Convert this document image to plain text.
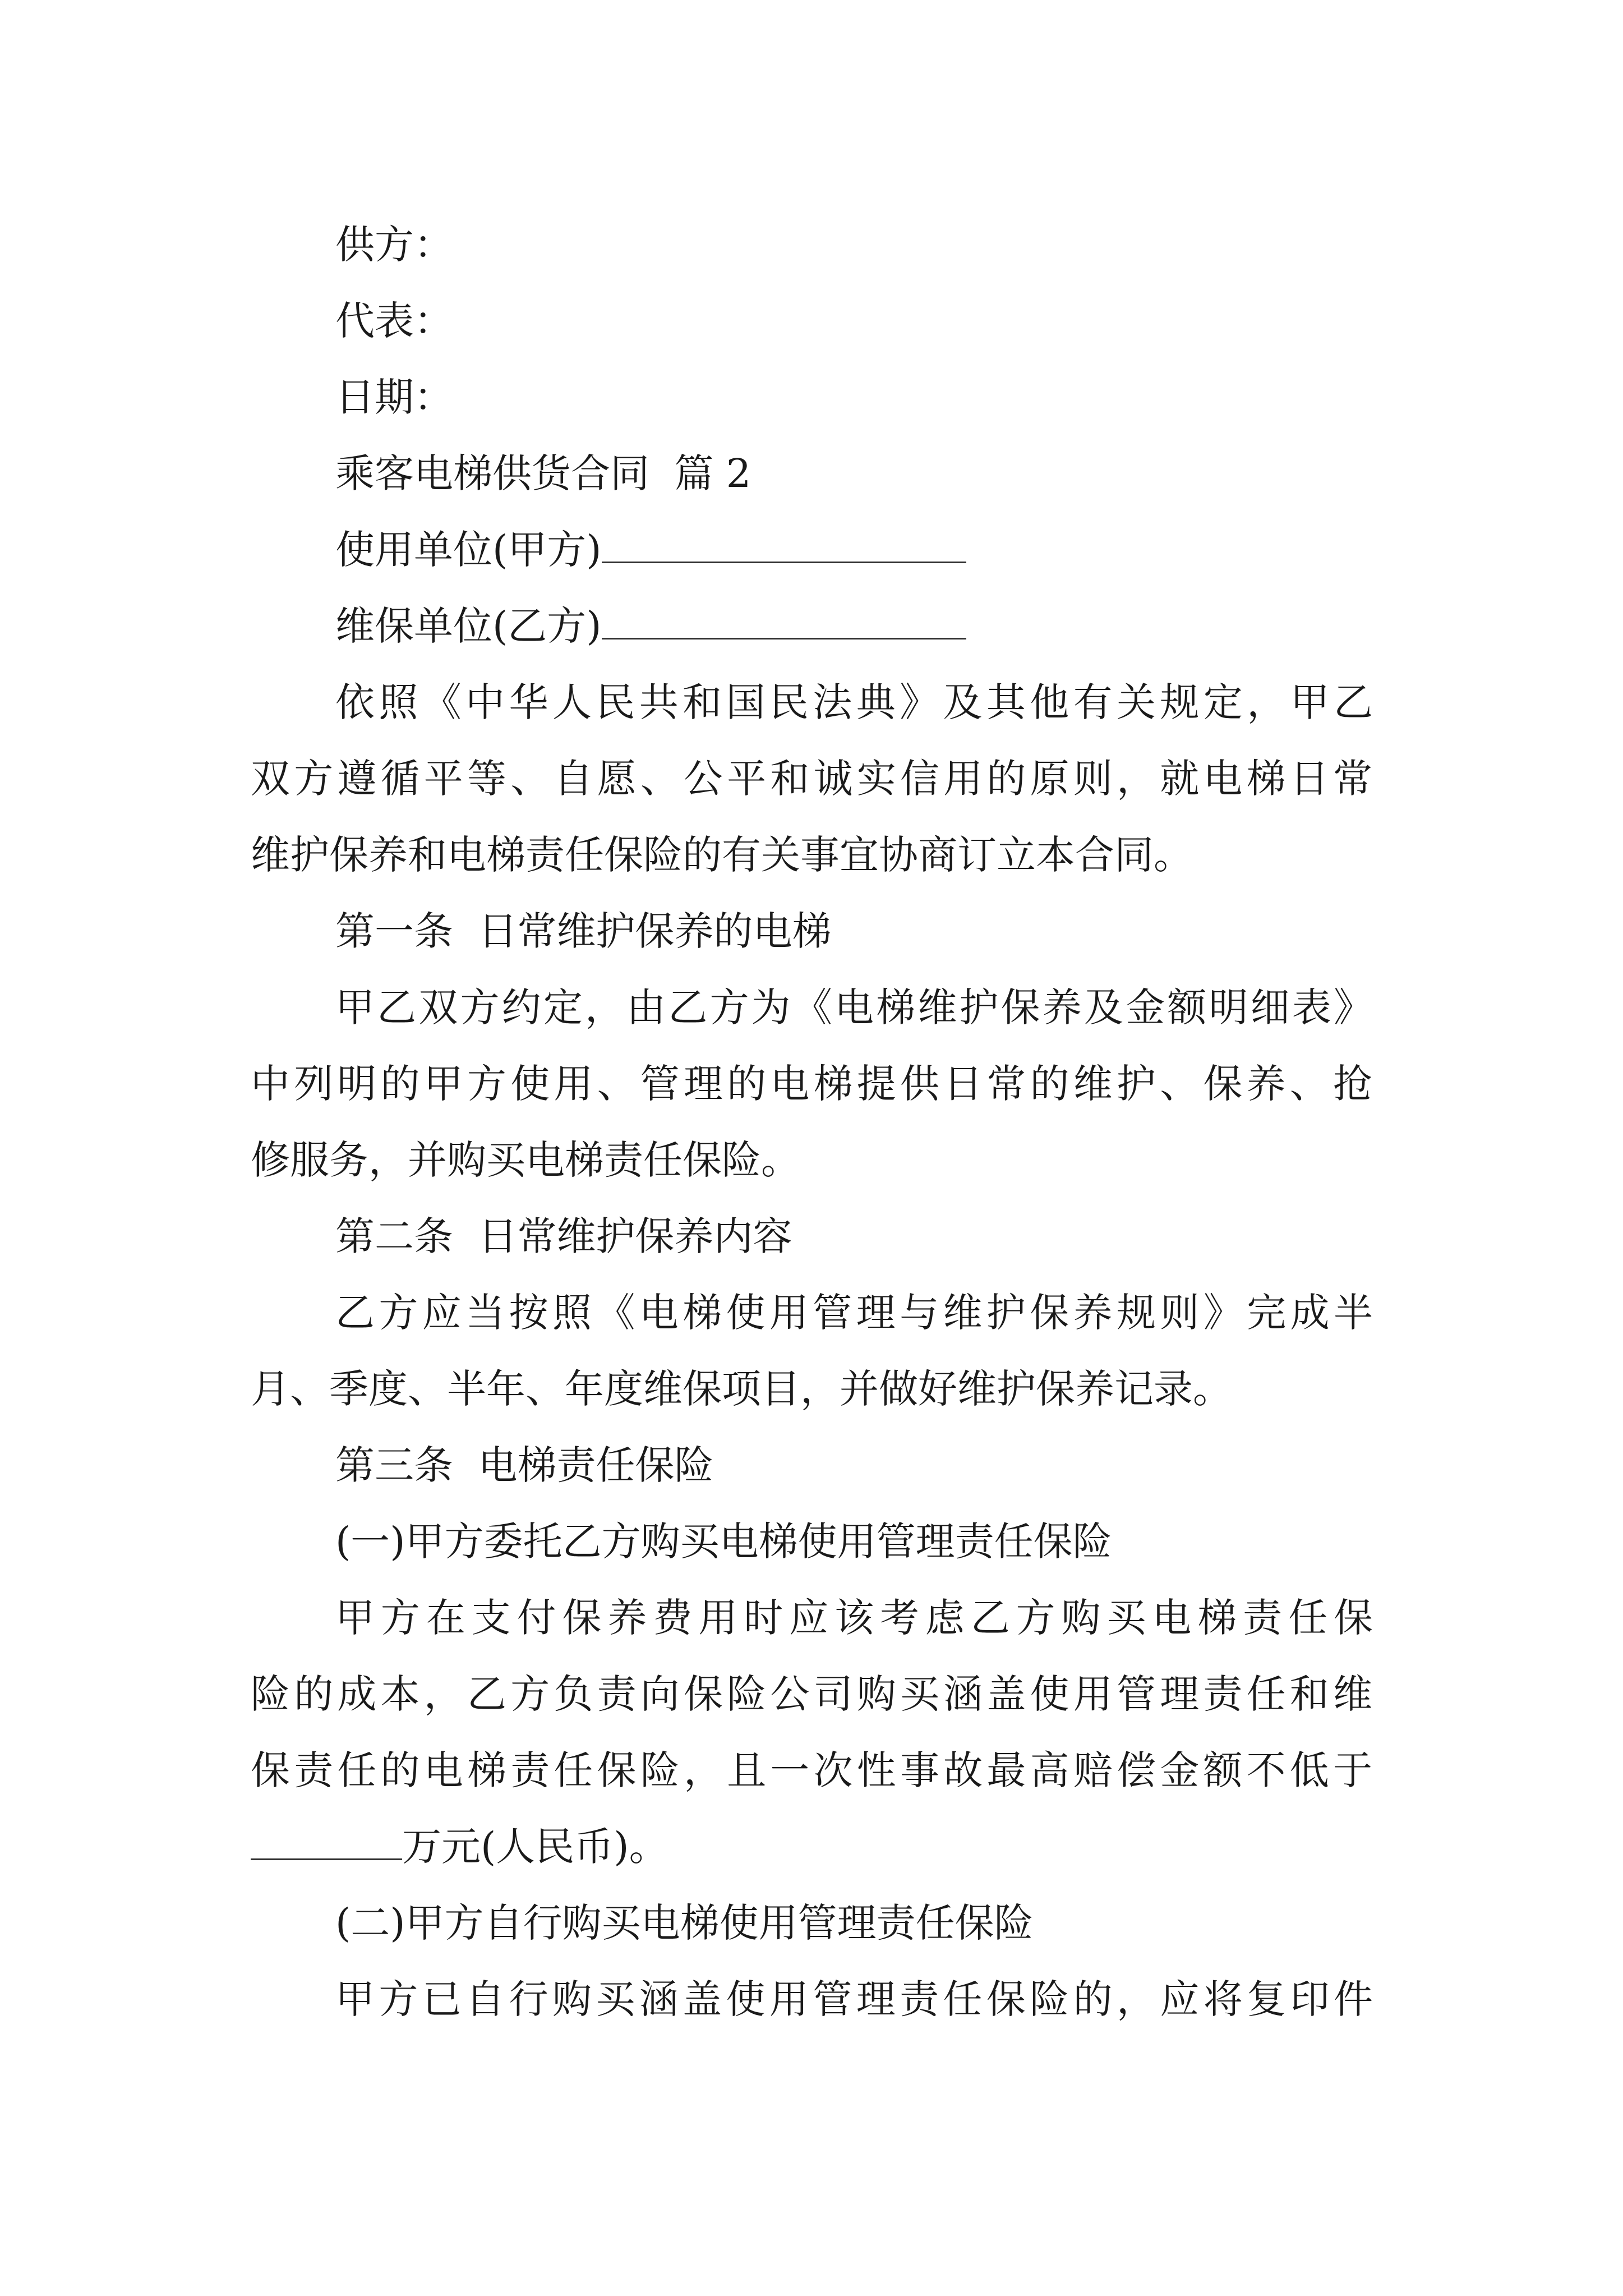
供方：
代表：
日期：
乘客电梯供货合同  篇 2
使用单位(甲方)
维保单位(乙方)
依照《中华人民共和国民法典》及其他有关规定，甲乙
双方遵循平等、自愿、公平和诚实信用的原则，就电梯日常
维护保养和电梯责任保险的有关事宜协商订立本合同。
第一条  日常维护保养的电梯
甲乙双方约定，由乙方为《电梯维护保养及金额明细表》
中列明的甲方使用、管理的电梯提供日常的维护、保养、抢
修服务，并购买电梯责任保险。
第二条  日常维护保养内容
乙方应当按照《电梯使用管理与维护保养规则》完成半
月、季度、半年、年度维保项目，并做好维护保养记录。
第三条  电梯责任保险
(一)甲方委托乙方购买电梯使用管理责任保险
甲方在支付保养费用时应该考虑乙方购买电梯责任保
险的成本，乙方负责向保险公司购买涵盖使用管理责任和维
保责任的电梯责任保险，且一次性事故最高赔偿金额不低于
万元(人民币)。
(二)甲方自行购买电梯使用管理责任保险
甲方已自行购买涵盖使用管理责任保险的，应将复印件
